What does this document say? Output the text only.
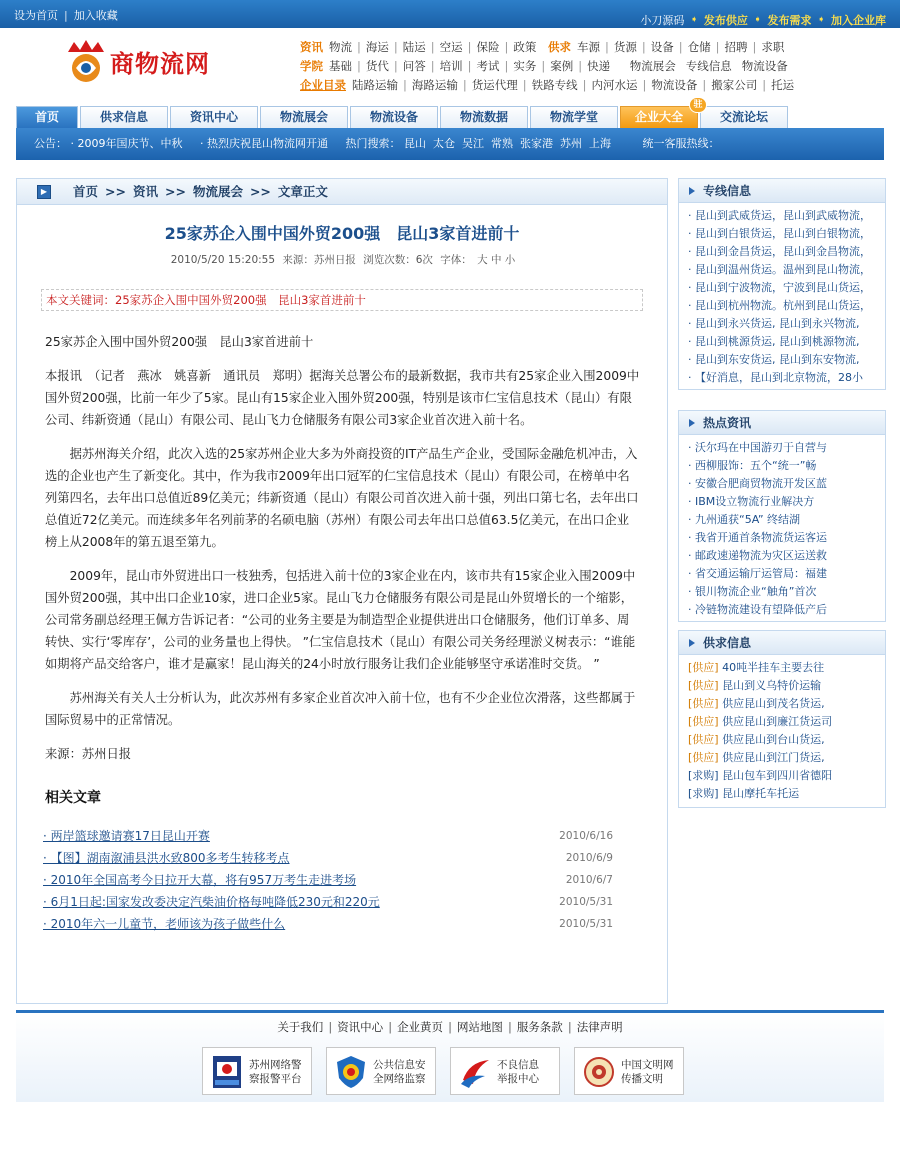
设为首页 | 加入收藏	小刀源码 ➧ 发布供应 ➧ 发布需求 ➧ 加入企业库
商物流网
资讯 物流 | 海运 | 陆运 | 空运 | 保险 | 政策 供求 车源 | 货源 | 设备 | 仓储 | 招聘 | 求职
学院 基础 | 货代 | 问答 | 培训 | 考试 | 实务 | 案例 | 快递 物流展会 专线信息 物流设备
企业目录 陆路运输 | 海路运输 | 货运代理 | 铁路专线 | 内河水运 | 物流设备 | 搬家公司 | 托运
首页	供求信息	资讯中心	物流展会	物流设备	物流数据	物流学堂	企业大全
驻
交流论坛
公告： · 2009年国庆节、中秋 · 热烈庆祝昆山物流网开通 热门搜索： 昆山 太仓 吴江 常熟 张家港 苏州 上海	统一客服热线：
▶	首页 >> 资讯 >> 物流展会 >> 文章正文
25家苏企入围中国外贸200强　昆山3家首进前十
2010/5/20 15:20:55 来源：苏州日报 浏览次数：6次 字体： 大 中 小
本文关键词：25家苏企入围中国外贸200强　昆山3家首进前十

25家苏企入围中国外贸200强　昆山3家首进前十

本报讯　（记者　燕冰　姚喜新　通讯员　郑明）据海关总署公布的最新数据，我市共有25家企业入围2009中国外贸200强，比前一年少了5家。昆山有15家企业入围外贸200强，特别是该市仁宝信息技术（昆山）有限公司、纬新资通（昆山）有限公司、昆山飞力仓储服务有限公司3家企业首次进入前十名。

　　据苏州海关介绍，此次入选的25家苏州企业大多为外商投资的IT产品生产企业，受国际金融危机冲击，入选的企业也产生了新变化。其中，作为我市2009年出口冠军的仁宝信息技术（昆山）有限公司，在榜单中名列第四名，去年出口总值近89亿美元；纬新资通（昆山）有限公司首次进入前十强，列出口第七名，去年出口总值近72亿美元。而连续多年名列前茅的名硕电脑（苏州）有限公司去年出口总值63.5亿美元，在出口企业榜上从2008年的第五退至第九。

　　2009年，昆山市外贸进出口一枝独秀，包括进入前十位的3家企业在内，该市共有15家企业入围2009中国外贸200强，其中出口企业10家，进口企业5家。昆山飞力仓储服务有限公司是昆山外贸增长的一个缩影，公司常务副总经理王佩方告诉记者：“公司的业务主要是为制造型企业提供进出口仓储服务，他们订单多、周转快、实行‘零库存’，公司的业务量也上得快。 ”仁宝信息技术（昆山）有限公司关务经理淤义树表示：“谁能如期将产品交给客户，谁才是赢家！昆山海关的24小时放行服务让我们企业能够坚守承诺准时交货。 ”

　　苏州海关有关人士分析认为，此次苏州有多家企业首次冲入前十位，也有不少企业位次滑落，这些都属于国际贸易中的正常情况。

来源：苏州日报

相关文章
· 两岸篮球邀请赛17日昆山开赛	2010/6/16
· 【图】湖南溆浦县洪水致800多考生转移考点	2010/6/9
· 2010年全国高考今日拉开大幕，将有957万考生走进考场	2010/6/7
· 6月1日起:国家发改委决定汽柴油价格每吨降低230元和220元	2010/5/31
· 2010年六一儿童节，老师该为孩子做些什么	2010/5/31
专线信息
· 昆山到武威货运，昆山到武威物流，
· 昆山到白银货运，昆山到白银物流，
· 昆山到金昌货运，昆山到金昌物流，
· 昆山到温州货运。温州到昆山物流，
· 昆山到宁波物流，宁波到昆山货运，
· 昆山到杭州物流。杭州到昆山货运，
· 昆山到永兴货运, 昆山到永兴物流,
· 昆山到桃源货运, 昆山到桃源物流,
· 昆山到东安货运, 昆山到东安物流,
· 【好消息，昆山到北京物流，28小
热点资讯
· 沃尔玛在中国游刃于自营与
· 西柳服饰：五个“统一”畅
· 安徽合肥商贸物流开发区蓝
· IBM设立物流行业解决方
· 九州通获“5A” 终结湖
· 我省开通首条物流货运客运
· 邮政速递物流为灾区运送救
· 省交通运输厅运管局：福建
· 银川物流企业“触角”首次
· 冷链物流建设有望降低产后
供求信息
[供应] 40吨半挂车主要去往
[供应] 昆山到义乌特价运输
[供应] 供应昆山到茂名货运,
[供应] 供应昆山到廉江货运司
[供应] 供应昆山到台山货运,
[供应] 供应昆山到江门货运,
[求购] 昆山包车到四川省德阳
[求购] 昆山摩托车托运
关于我们 | 资讯中心 | 企业黄页 | 网站地图 | 服务条款 | 法律声明
苏州网络警
察报警平台
公共信息安
全网络监察
不良信息
举报中心
中国文明网
传播文明
